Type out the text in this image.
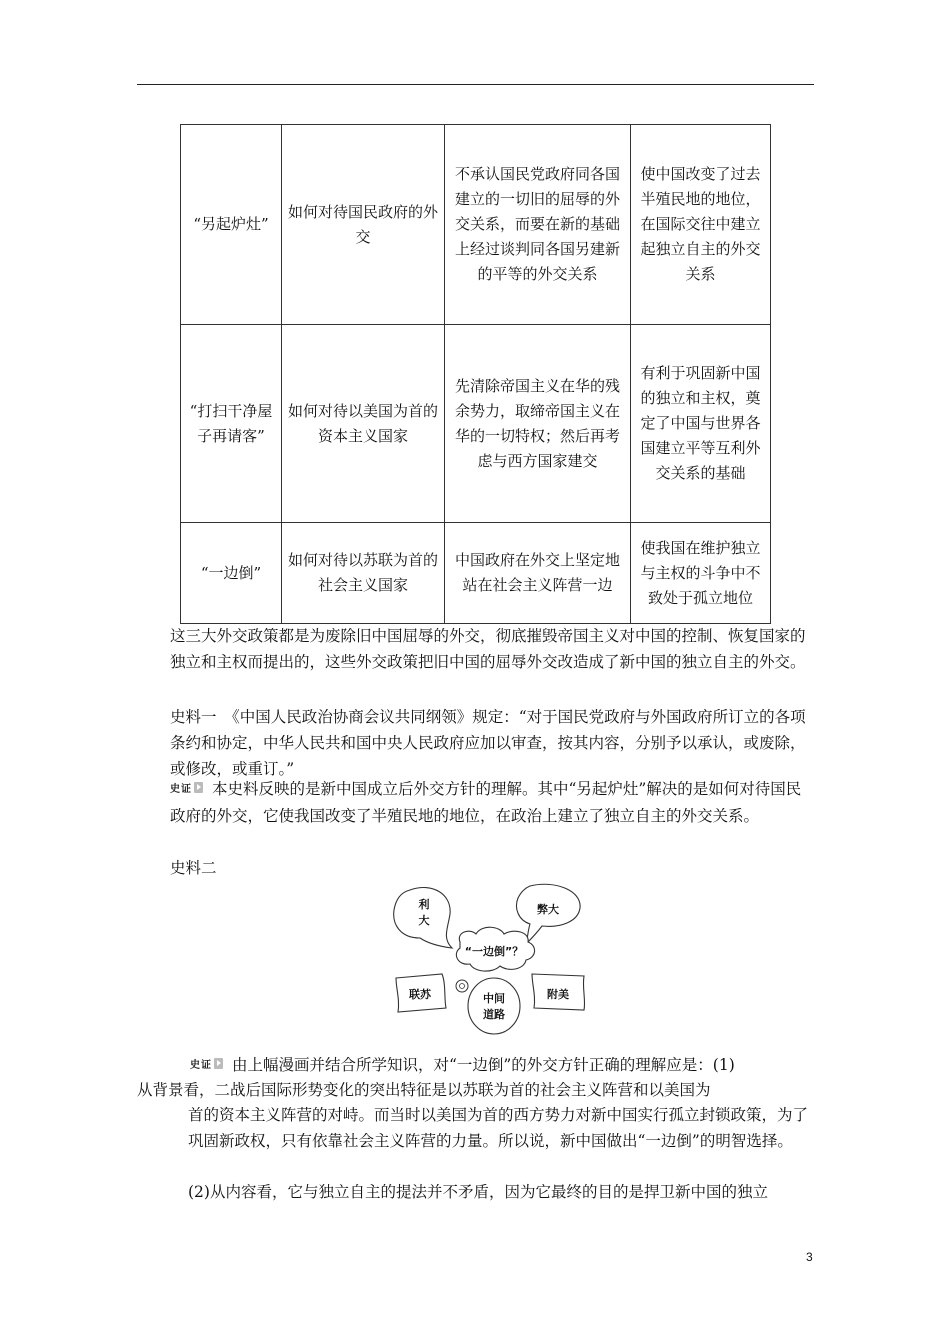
“另起炉灶”	如何对待国民政府的外交	不承认国民党政府同各国建立的一切旧的屈辱的外交关系，而要在新的基础上经过谈判同各国另建新的平等的外交关系	使中国改变了过去半殖民地的地位，在国际交往中建立起独立自主的外交关系
“打扫干净屋子再请客”	如何对待以美国为首的资本主义国家	先清除帝国主义在华的残余势力，取缔帝国主义在华的一切特权；然后再考虑与西方国家建交	有利于巩固新中国的独立和主权，奠定了中国与世界各国建立平等互利外交关系的基础
“一边倒”	如何对待以苏联为首的社会主义国家	中国政府在外交上坚定地站在社会主义阵营一边	使我国在维护独立与主权的斗争中不致处于孤立地位

这三大外交政策都是为废除旧中国屈辱的外交，彻底摧毁帝国主义对中国的控制、恢复国家的独立和主权而提出的，这些外交政策把旧中国的屈辱外交改造成了新中国的独立自主的外交。

史料一　《中国人民政治协商会议共同纲领》规定：“对于国民党政府与外国政府所订立的各项条约和协定，中华人民共和国中央人民政府应加以审查，按其内容，分别予以承认，或废除，或修改，或重订。”

史证 本史料反映的是新中国成立后外交方针的理解。其中“另起炉灶”解决的是如何对待国民政府的外交，它使我国改变了半殖民地的地位，在政治上建立了独立自主的外交关系。

史料二

利
大
弊大
“一边倒”？
联苏	附美
中间
道路

史证 由上幅漫画并结合所学知识，对“一边倒”的外交方针正确的理解应是：(1)

从背景看，二战后国际形势变化的突出特征是以苏联为首的社会主义阵营和以美国为

首的资本主义阵营的对峙。而当时以美国为首的西方势力对新中国实行孤立封锁政策，为了巩固新政权，只有依靠社会主义阵营的力量。所以说，新中国做出“一边倒”的明智选择。

(2)从内容看，它与独立自主的提法并不矛盾，因为它最终的目的是捍卫新中国的独立

3
